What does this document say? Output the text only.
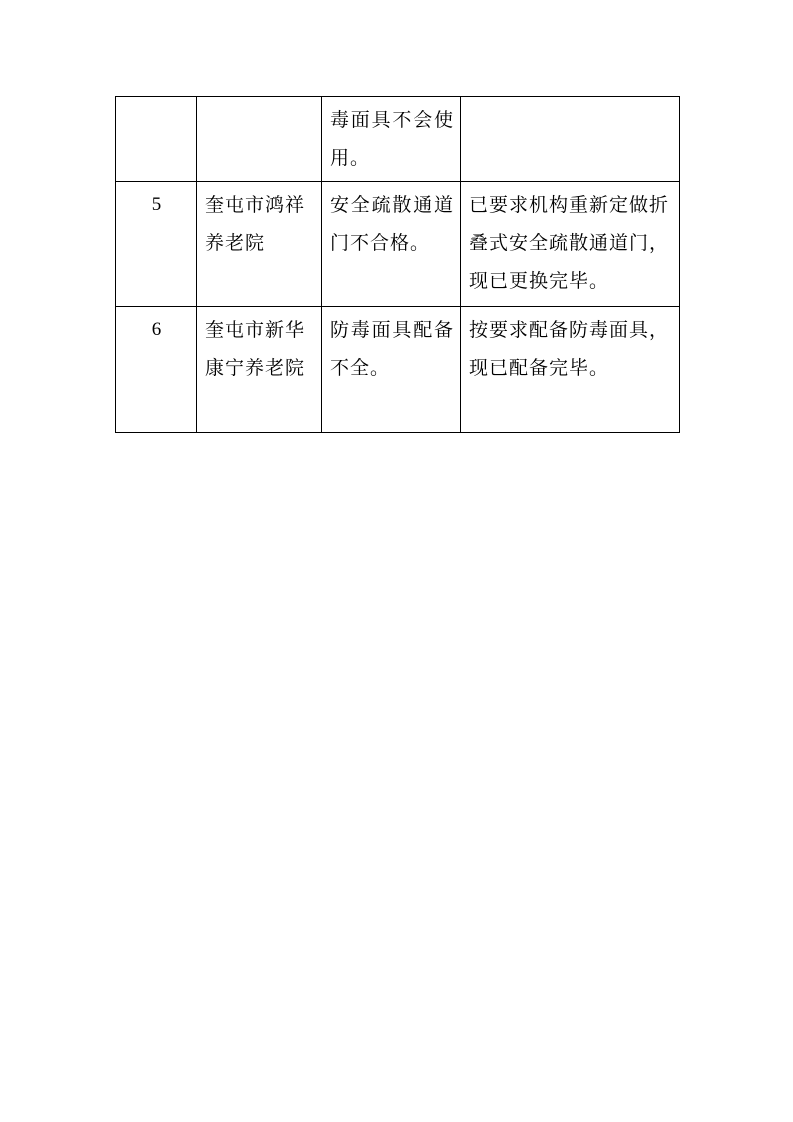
		毒面具不会使用。	
5	奎屯市鸿祥养老院	安全疏散通道门不合格。	已要求机构重新定做折叠式安全疏散通道门，现已更换完毕。
6	奎屯市新华康宁养老院	防毒面具配备不全。	按要求配备防毒面具，现已配备完毕。
